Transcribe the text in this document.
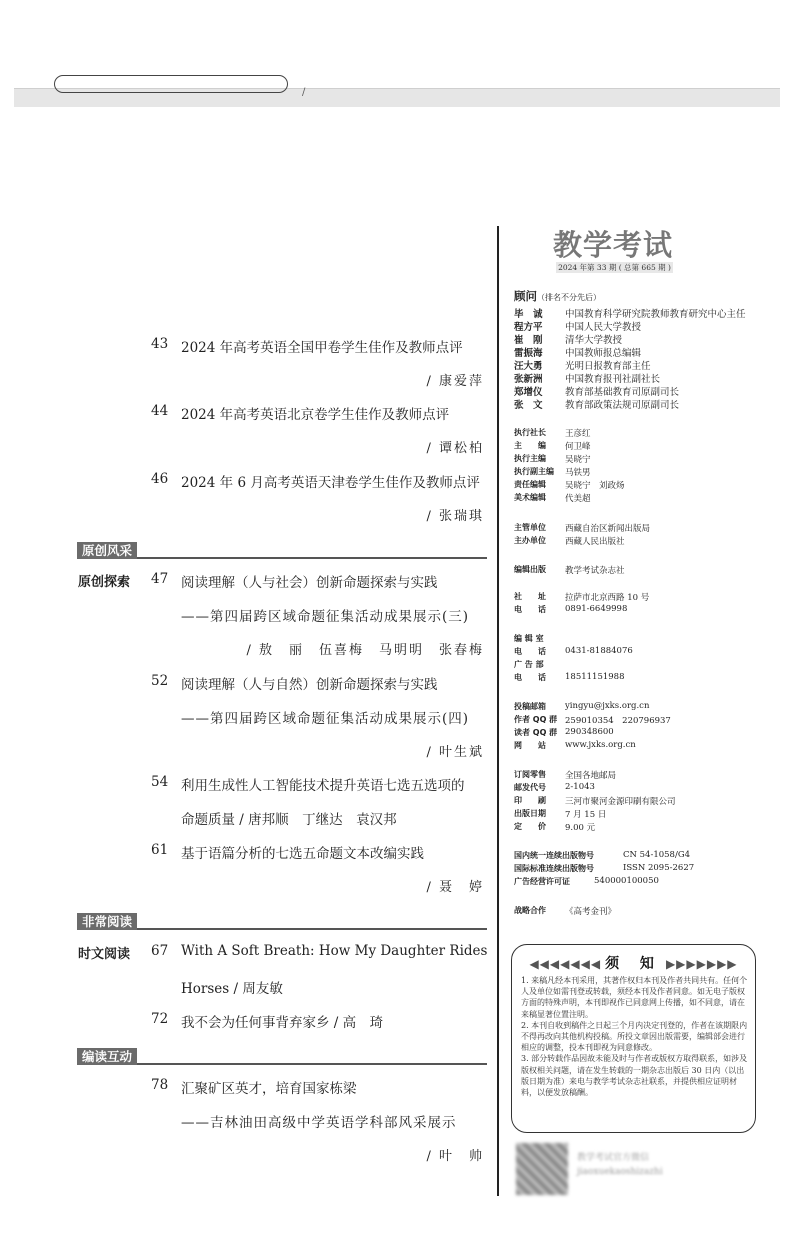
/
43 2024 年高考英语全国甲卷学生佳作及教师点评
/ 康爱萍
44 2024 年高考英语北京卷学生佳作及教师点评
/ 谭松柏
46 2024 年 6 月高考英语天津卷学生佳作及教师点评
/ 张瑞琪
原创风采
原创探索 47 阅读理解（人与社会）创新命题探索与实践
——第四届跨区域命题征集活动成果展示(三)
/ 敖　丽　伍喜梅　马明明　张春梅
52 阅读理解（人与自然）创新命题探索与实践
——第四届跨区域命题征集活动成果展示(四)
/ 叶生斌
54 利用生成性人工智能技术提升英语七选五选项的
命题质量 / 唐邦顺　丁继达　袁汉邦
61 基于语篇分析的七选五命题文本改编实践
/ 聂　婷
非常阅读
时文阅读 67 With A Soft Breath: How My Daughter Rides
Horses / 周友敏
72 我不会为任何事背弃家乡 / 高　琦
编读互动
78 汇聚矿区英才，培育国家栋梁
——吉林油田高级中学英语学科部风采展示
/ 叶　帅
教学考试
2024 年第 33 期 ( 总第 665 期 )
顾问（排名不分先后）
毕　诚 中国教育科学研究院教师教育研究中心主任
程方平 中国人民大学教授
崔　刚 清华大学教授
雷振海 中国教师报总编辑
汪大勇 光明日报教育部主任
张新洲 中国教育报刊社副社长
郑增仪 教育部基础教育司原副司长
张　文 教育部政策法规司原副司长
执行社长 王彦红
主　　编 何卫峰
执行主编 吴晓宁
执行副主编 马铁男
责任编辑 吴晓宁　刘政炀
美术编辑 代美超
主管单位 西藏自治区新闻出版局
主办单位 西藏人民出版社
编辑出版 教学考试杂志社
社　　址 拉萨市北京西路 10 号
电　　话 0891-6649998
编 辑 室
电　　话 0431-81884076
广 告 部
电　　话 18511151988
投稿邮箱 yingyu@jxks.org.cn
作者 QQ 群 259010354　220796937
读者 QQ 群 290348600
网　　站 www.jxks.org.cn
订阅零售 全国各地邮局
邮发代号 2-1043
印　　刷 三河市聚河金源印刷有限公司
出版日期 7 月 15 日
定　　价 9.00 元
国内统一连续出版物号	CN 54-1058/G4
国际标准连续出版物号	ISSN 2095-2627
广告经营许可证	540000100050
战略合作 《高考金刊》
◀◀◀◀◀◀◀ 须 知 ▶▶▶▶▶▶▶
1. 来稿凡经本刊采用，其著作权归本刊及作者共同共有。任何个人及单位如需刊登或转载，须经本刊及作者同意。如无电子版权方面的特殊声明，本刊即视作已同意网上传播，如不同意，请在来稿显著位置注明。
2. 本刊自收到稿件之日起三个月内决定刊登的，作者在该期限内不得再改向其他机构投稿。所投文章因出版需要，编辑部会进行相应的调整，投本刊即视为同意修改。
3. 部分转载作品因故未能及时与作者或版权方取得联系，如涉及版权相关问题，请在发生转载的一期杂志出版后 30 日内（以出版日期为准）来电与教学考试杂志社联系，并提供相应证明材料，以便发放稿酬。
教学考试官方微信
jiaoxuekaoshizazhi
